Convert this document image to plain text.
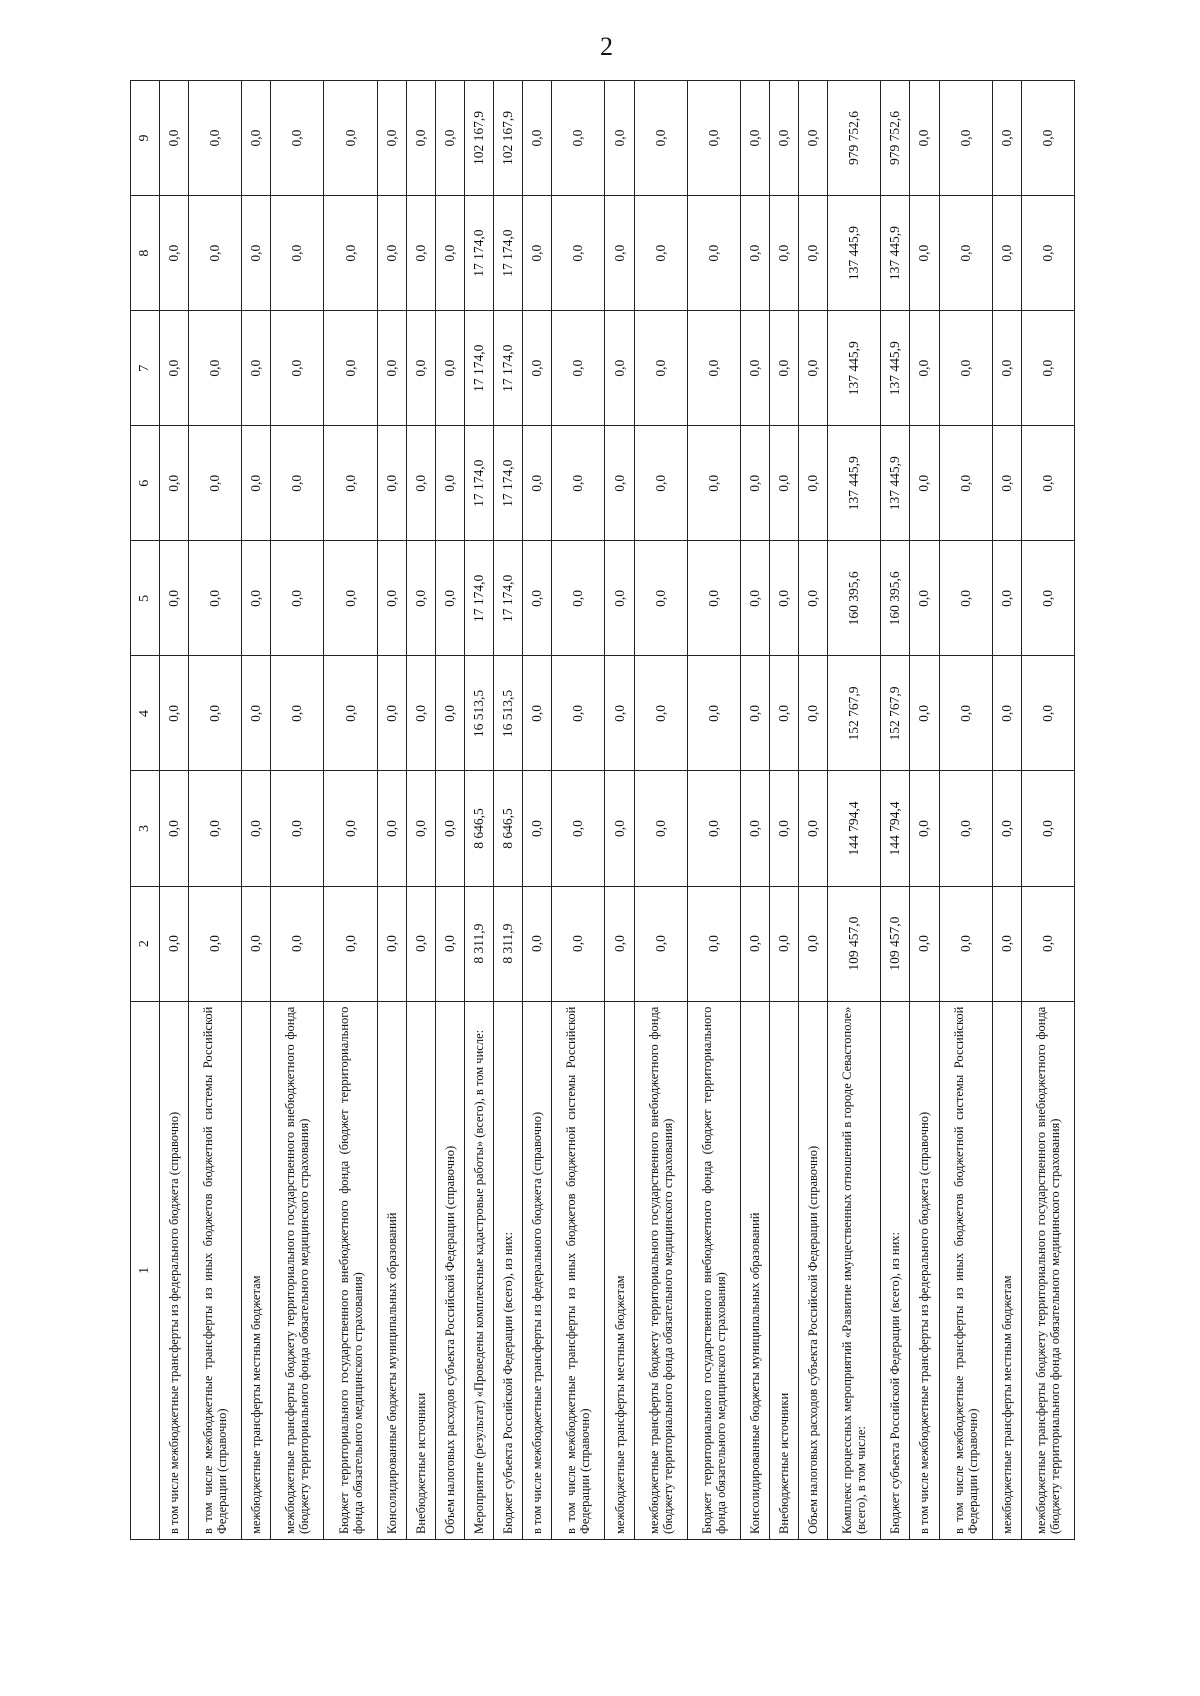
2
1	2	3	4	5	6	7	8	9
в том числе межбюджетные трансферты из федерального бюджета (справочно)	0,0	0,0	0,0	0,0	0,0	0,0	0,0	0,0
в том числе межбюджетные трансферты из иных бюджетов бюджетной системы Российской Федерации (справочно)	0,0	0,0	0,0	0,0	0,0	0,0	0,0	0,0
межбюджетные трансферты местным бюджетам	0,0	0,0	0,0	0,0	0,0	0,0	0,0	0,0
межбюджетные трансферты бюджету территориального государственного внебюджетного фонда (бюджету территориального фонда обязательного медицинского страхования)	0,0	0,0	0,0	0,0	0,0	0,0	0,0	0,0
Бюджет территориального государственного внебюджетного фонда (бюджет территориального фонда обязательного медицинского страхования)	0,0	0,0	0,0	0,0	0,0	0,0	0,0	0,0
Консолидированные бюджеты муниципальных образований	0,0	0,0	0,0	0,0	0,0	0,0	0,0	0,0
Внебюджетные источники	0,0	0,0	0,0	0,0	0,0	0,0	0,0	0,0
Объем налоговых расходов субъекта Российской Федерации (справочно)	0,0	0,0	0,0	0,0	0,0	0,0	0,0	0,0
Мероприятие (результат) «Проведены комплексные кадастровые работы» (всего), в том числе:	8 311,9	8 646,5	16 513,5	17 174,0	17 174,0	17 174,0	17 174,0	102 167,9
Бюджет субъекта Российской Федерации (всего), из них:	8 311,9	8 646,5	16 513,5	17 174,0	17 174,0	17 174,0	17 174,0	102 167,9
в том числе межбюджетные трансферты из федерального бюджета (справочно)	0,0	0,0	0,0	0,0	0,0	0,0	0,0	0,0
в том числе межбюджетные трансферты из иных бюджетов бюджетной системы Российской Федерации (справочно)	0,0	0,0	0,0	0,0	0,0	0,0	0,0	0,0
межбюджетные трансферты местным бюджетам	0,0	0,0	0,0	0,0	0,0	0,0	0,0	0,0
межбюджетные трансферты бюджету территориального государственного внебюджетного фонда (бюджету территориального фонда обязательного медицинского страхования)	0,0	0,0	0,0	0,0	0,0	0,0	0,0	0,0
Бюджет территориального государственного внебюджетного фонда (бюджет территориального фонда обязательного медицинского страхования)	0,0	0,0	0,0	0,0	0,0	0,0	0,0	0,0
Консолидированные бюджеты муниципальных образований	0,0	0,0	0,0	0,0	0,0	0,0	0,0	0,0
Внебюджетные источники	0,0	0,0	0,0	0,0	0,0	0,0	0,0	0,0
Объем налоговых расходов субъекта Российской Федерации (справочно)	0,0	0,0	0,0	0,0	0,0	0,0	0,0	0,0
Комплекс процессных мероприятий «Развитие имущественных отношений в городе Севастополе» (всего), в том числе:	109 457,0	144 794,4	152 767,9	160 395,6	137 445,9	137 445,9	137 445,9	979 752,6
Бюджет субъекта Российской Федерации (всего), из них:	109 457,0	144 794,4	152 767,9	160 395,6	137 445,9	137 445,9	137 445,9	979 752,6
в том числе межбюджетные трансферты из федерального бюджета (справочно)	0,0	0,0	0,0	0,0	0,0	0,0	0,0	0,0
в том числе межбюджетные трансферты из иных бюджетов бюджетной системы Российской Федерации (справочно)	0,0	0,0	0,0	0,0	0,0	0,0	0,0	0,0
межбюджетные трансферты местным бюджетам	0,0	0,0	0,0	0,0	0,0	0,0	0,0	0,0
межбюджетные трансферты бюджету территориального государственного внебюджетного фонда (бюджету территориального фонда обязательного медицинского страхования)	0,0	0,0	0,0	0,0	0,0	0,0	0,0	0,0
